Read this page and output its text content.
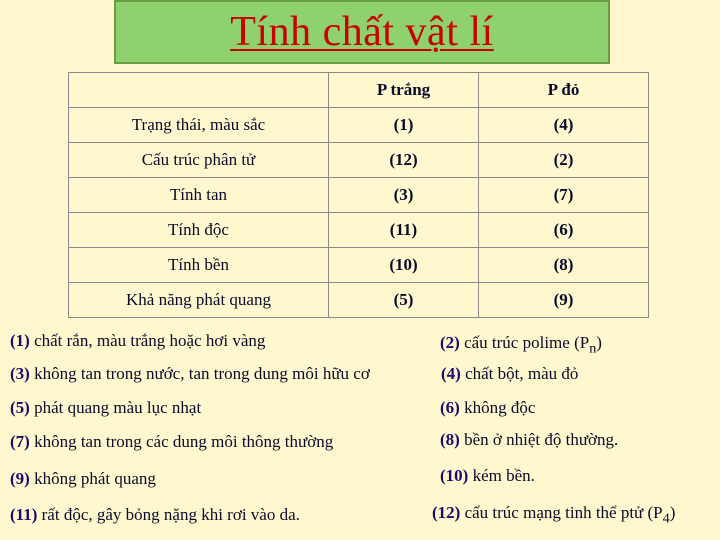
Tính chất vật lí
	P trắng	P đỏ
Trạng thái, màu sắc	(1)	(4)
Cấu trúc phân tử	(12)	(2)
Tính tan	(3)	(7)
Tính độc	(11)	(6)
Tính bền	(10)	(8)
Khả năng phát quang	(5)	(9)
(1) chất rắn, màu trắng hoặc hơi vàng	(2) cấu trúc polime $(P_n)$
(3) không tan trong nước, tan trong dung môi hữu cơ	(4) chất bột, màu đỏ
(5) phát quang màu lục nhạt	(6) không độc
(7) không tan trong các dung môi thông thường	(8) bền ở nhiệt độ thường.
(9) không phát quang	(10) kém bền.
(11) rất độc, gây bỏng nặng khi rơi vào da.	(12) cấu trúc mạng tinh thể ptử $(P_4)$
